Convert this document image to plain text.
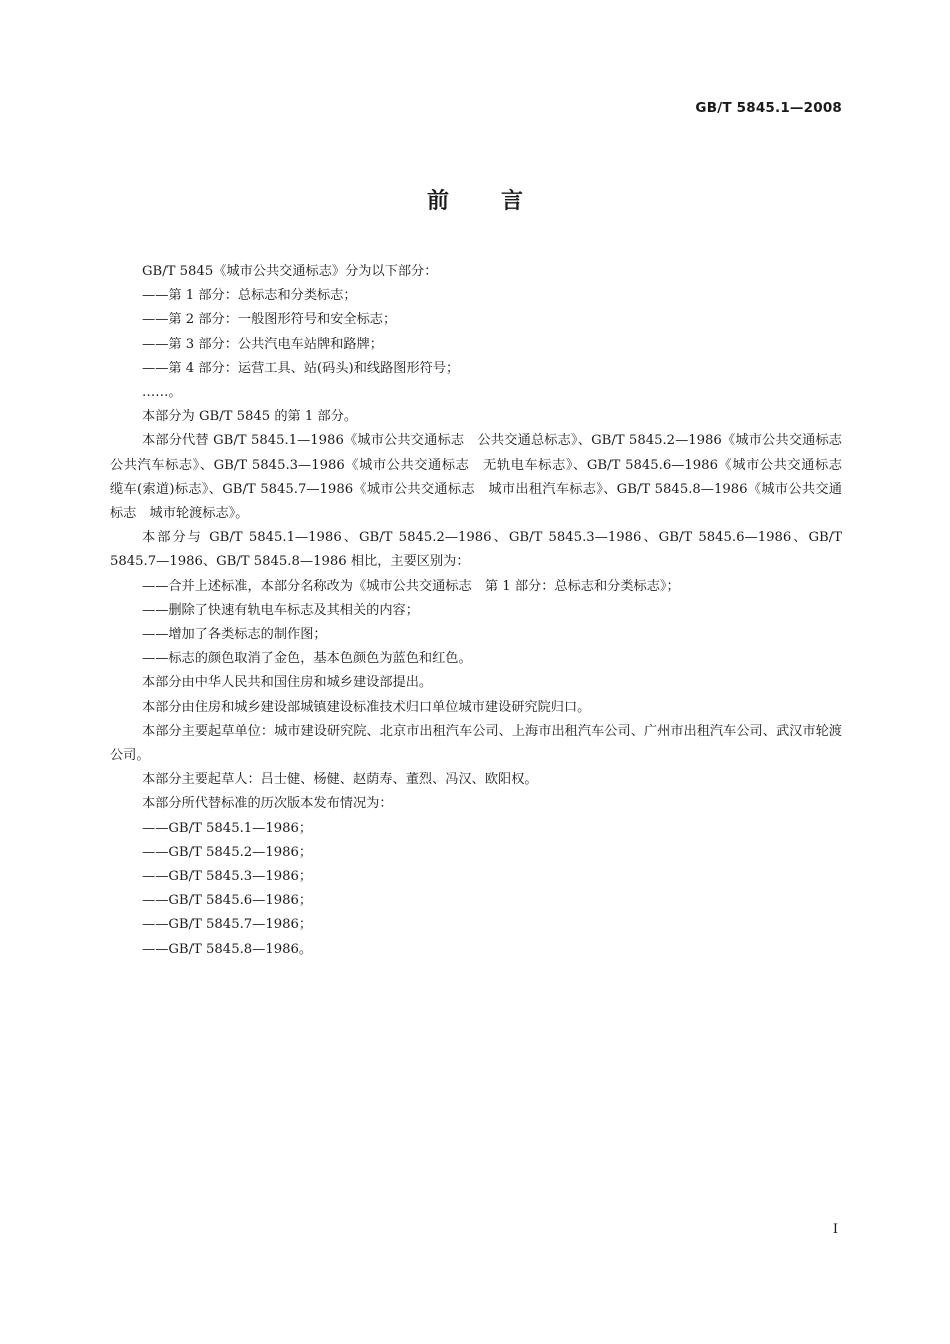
GB/T 5845.1—2008
前言

GB/T 5845《城市公共交通标志》分为以下部分：

——第 1 部分：总标志和分类标志；

——第 2 部分：一般图形符号和安全标志；

——第 3 部分：公共汽电车站牌和路牌；

——第 4 部分：运营工具、站(码头)和线路图形符号；

……。

本部分为 GB/T 5845 的第 1 部分。

本部分代替 GB/T 5845.1—1986《城市公共交通标志　公共交通总标志》、GB/T 5845.2—1986《城市公共交通标志　公共汽车标志》、GB/T 5845.3—1986《城市公共交通标志　无轨电车标志》、GB/T 5845.6—1986《城市公共交通标志　缆车(索道)标志》、GB/T 5845.7—1986《城市公共交通标志　城市出租汽车标志》、GB/T 5845.8—1986《城市公共交通标志　城市轮渡标志》。

本部分与 GB/T 5845.1—1986、GB/T 5845.2—1986、GB/T 5845.3—1986、GB/T 5845.6—1986、GB/T 5845.7—1986、GB/T 5845.8—1986 相比，主要区别为：

——合并上述标准，本部分名称改为《城市公共交通标志　第 1 部分：总标志和分类标志》；

——删除了快速有轨电车标志及其相关的内容；

——增加了各类标志的制作图；

——标志的颜色取消了金色，基本色颜色为蓝色和红色。

本部分由中华人民共和国住房和城乡建设部提出。

本部分由住房和城乡建设部城镇建设标准技术归口单位城市建设研究院归口。

本部分主要起草单位：城市建设研究院、北京市出租汽车公司、上海市出租汽车公司、广州市出租汽车公司、武汉市轮渡公司。

本部分主要起草人：吕士健、杨健、赵荫寿、董烈、冯汉、欧阳权。

本部分所代替标准的历次版本发布情况为：

——GB/T 5845.1—1986；

——GB/T 5845.2—1986；

——GB/T 5845.3—1986；

——GB/T 5845.6—1986；

——GB/T 5845.7—1986；

——GB/T 5845.8—1986。

I
